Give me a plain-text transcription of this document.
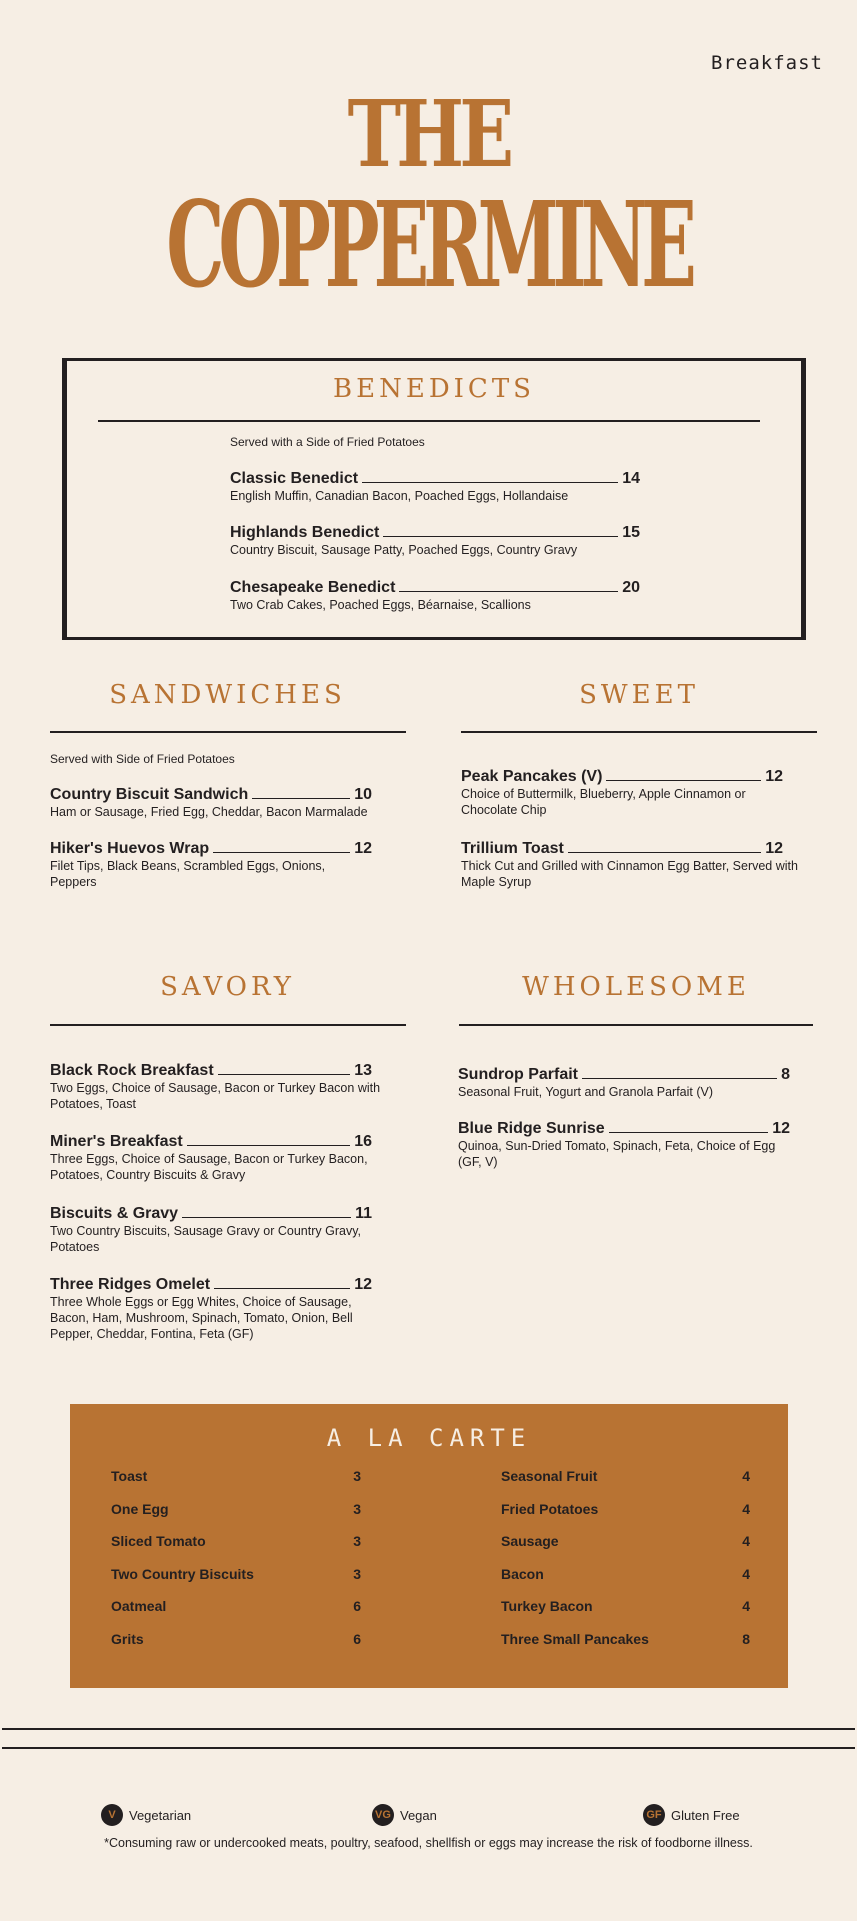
Breakfast
THE
COPPERMINE
BENEDICTS
Served with a Side of Fried Potatoes
Classic Benedict	14
English Muffin, Canadian Bacon, Poached Eggs, Hollandaise
Highlands Benedict	15
Country Biscuit, Sausage Patty, Poached Eggs, Country Gravy
Chesapeake Benedict	20
Two Crab Cakes, Poached Eggs, Béarnaise, Scallions
SANDWICHES
Served with Side of Fried Potatoes
Country Biscuit Sandwich	10
Ham or Sausage, Fried Egg, Cheddar, Bacon Marmalade
Hiker's Huevos Wrap	12
Filet Tips, Black Beans, Scrambled Eggs, Onions, Peppers
SWEET
Peak Pancakes (V)	12
Choice of Buttermilk, Blueberry, Apple Cinnamon or Chocolate Chip
Trillium Toast	12
Thick Cut and Grilled with Cinnamon Egg Batter, Served with Maple Syrup
SAVORY
Black Rock Breakfast	13
Two Eggs, Choice of Sausage, Bacon or Turkey Bacon with Potatoes, Toast
Miner's Breakfast	16
Three Eggs, Choice of Sausage, Bacon or Turkey Bacon, Potatoes, Country Biscuits & Gravy
Biscuits & Gravy	11
Two Country Biscuits, Sausage Gravy or Country Gravy, Potatoes
Three Ridges Omelet	12
Three Whole Eggs or Egg Whites, Choice of Sausage, Bacon, Ham, Mushroom, Spinach, Tomato, Onion, Bell Pepper, Cheddar, Fontina, Feta (GF)
WHOLESOME
Sundrop Parfait	8
Seasonal Fruit, Yogurt and Granola Parfait (V)
Blue Ridge Sunrise	12
Quinoa, Sun-Dried Tomato, Spinach, Feta, Choice of Egg (GF, V)
A LA CARTE
Toast	3
One Egg	3
Sliced Tomato	3
Two Country Biscuits	3
Oatmeal	6
Grits	6
Seasonal Fruit	4
Fried Potatoes	4
Sausage	4
Bacon	4
Turkey Bacon	4
Three Small Pancakes	8
V	Vegetarian	VG Vegan	GF Gluten Free
*Consuming raw or undercooked meats, poultry, seafood, shellfish or eggs may increase the risk of foodborne illness.
